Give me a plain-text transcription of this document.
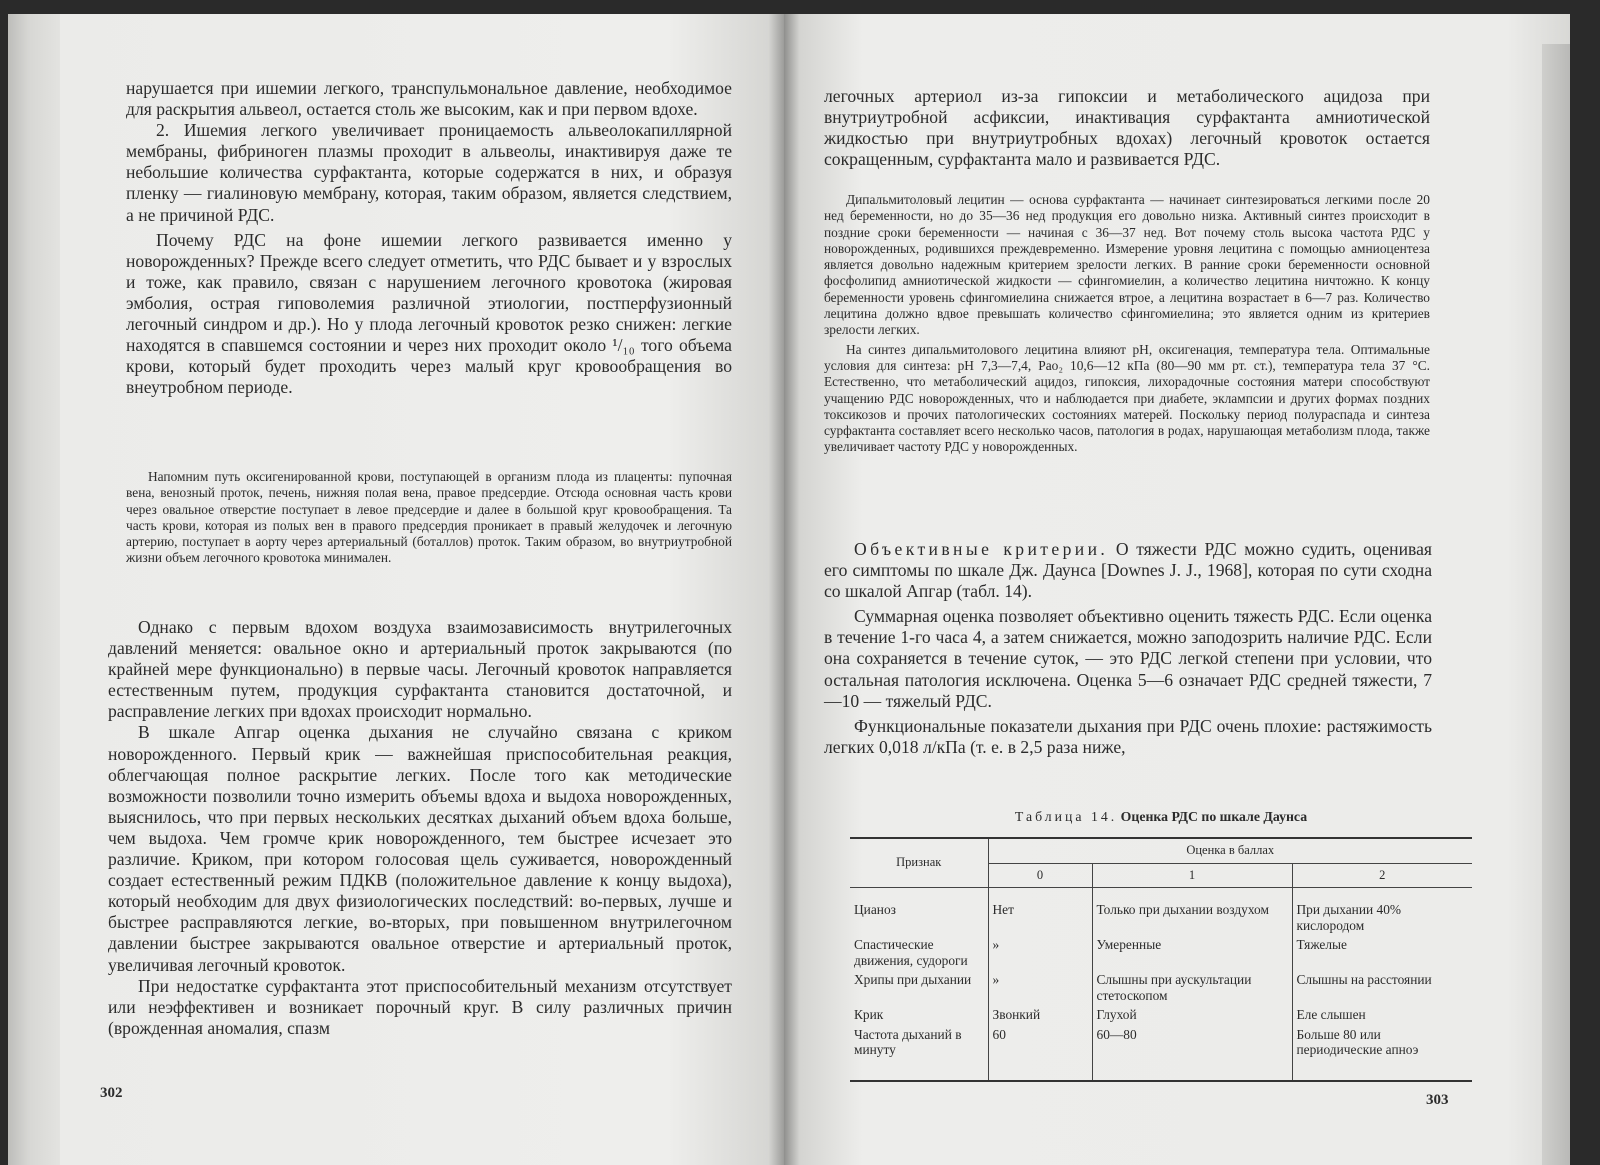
нарушается при ишемии легкого, транспульмональное давление, необходимое для раскрытия альвеол, остается столь же высоким, как и при первом вдохе.

2. Ишемия легкого увеличивает проницаемость альвеолокапиллярной мембраны, фибриноген плазмы проходит в альвеолы, инактивируя даже те небольшие количества сурфактанта, которые содержатся в них, и образуя пленку — гиалиновую мембрану, которая, таким образом, является следствием, а не причиной РДС.

Почему РДС на фоне ишемии легкого развивается именно у новорожденных? Прежде всего следует отметить, что РДС бывает и у взрослых и тоже, как правило, связан с нарушением легочного кровотока (жировая эмболия, острая гиповолемия различной этиологии, постперфузионный легочный синдром и др.). Но у плода легочный кровоток резко снижен: легкие находятся в спавшемся состоянии и через них проходит около ¹/₁₀ того объема крови, который будет проходить через малый круг кровообращения во внеутробном периоде.

Напомним путь оксигенированной крови, поступающей в организм плода из плаценты: пупочная вена, венозный проток, печень, нижняя полая вена, правое предсердие. Отсюда основная часть крови через овальное отверстие поступает в левое предсердие и далее в большой круг кровообращения. Та часть крови, которая из полых вен в правого предсердия проникает в правый желудочек и легочную артерию, поступает в аорту через артериальный (боталлов) проток. Таким образом, во внутриутробной жизни объем легочного кровотока минимален.

Однако с первым вдохом воздуха взаимозависимость внутрилегочных давлений меняется: овальное окно и артериальный проток закрываются (по крайней мере функционально) в первые часы. Легочный кровоток направляется естественным путем, продукция сурфактанта становится достаточной, и расправление легких при вдохах происходит нормально.

В шкале Апгар оценка дыхания не случайно связана с криком новорожденного. Первый крик — важнейшая приспособительная реакция, облегчающая полное раскрытие легких. После того как методические возможности позволили точно измерить объемы вдоха и выдоха новорожденных, выяснилось, что при первых нескольких десятках дыханий объем вдоха больше, чем выдоха. Чем громче крик новорожденного, тем быстрее исчезает это различие. Криком, при котором голосовая щель суживается, новорожденный создает естественный режим ПДКВ (положительное давление к концу выдоха), который необходим для двух физиологических последствий: во-первых, лучше и быстрее расправляются легкие, во-вторых, при повышенном внутрилегочном давлении быстрее закрываются овальное отверстие и артериальный проток, увеличивая легочный кровоток.

При недостатке сурфактанта этот приспособительный механизм отсутствует или неэффективен и возникает порочный круг. В силу различных причин (врожденная аномалия, спазм

302

легочных артериол из-за гипоксии и метаболического ацидоза при внутриутробной асфиксии, инактивация сурфактанта амниотической жидкостью при внутриутробных вдохах) легочный кровоток остается сокращенным, сурфактанта мало и развивается РДС.

Дипальмитоловый лецитин — основа сурфактанта — начинает синтезироваться легкими после 20 нед беременности, но до 35—36 нед продукция его довольно низка. Активный синтез происходит в поздние сроки беременности — начиная с 36—37 нед. Вот почему столь высока частота РДС у новорожденных, родившихся преждевременно. Измерение уровня лецитина с помощью амниоцентеза является довольно надежным критерием зрелости легких. В ранние сроки беременности основной фосфолипид амниотической жидкости — сфингомиелин, а количество лецитина ничтожно. К концу беременности уровень сфингомиелина снижается втрое, а лецитина возрастает в 6—7 раз. Количество лецитина должно вдвое превышать количество сфингомиелина; это является одним из критериев зрелости легких.

На синтез дипальмитолового лецитина влияют pH, оксигенация, температура тела. Оптимальные условия для синтеза: pH 7,3—7,4, Pao₂ 10,6—12 кПа (80—90 мм рт. ст.), температура тела 37 °С. Естественно, что метаболический ацидоз, гипоксия, лихорадочные состояния матери способствуют учащению РДС новорожденных, что и наблюдается при диабете, эклампсии и других формах поздних токсикозов и прочих патологических состояниях матерей. Поскольку период полураспада и синтеза сурфактанта составляет всего несколько часов, патология в родах, нарушающая метаболизм плода, также увеличивает частоту РДС у новорожденных.

Объективные критерии. О тяжести РДС можно судить, оценивая его симптомы по шкале Дж. Даунса [Downes J. J., 1968], которая по сути сходна со шкалой Апгар (табл. 14).

Суммарная оценка позволяет объективно оценить тяжесть РДС. Если оценка в течение 1-го часа 4, а затем снижается, можно заподозрить наличие РДС. Если она сохраняется в течение суток, — это РДС легкой степени при условии, что остальная патология исключена. Оценка 5—6 означает РДС средней тяжести, 7—10 — тяжелый РДС.

Функциональные показатели дыхания при РДС очень плохие: растяжимость легких 0,018 л/кПа (т. е. в 2,5 раза ниже,

Таблица 14. Оценка РДС по шкале Даунса
Признак	Оценка в баллах		
	0	1	2
Цианоз	Нет	Только при дыхании воздухом	При дыхании 40% кислородом
Спастические движения, судороги	»	Умеренные	Тяжелые
Хрипы при дыхании	»	Слышны при аускультации стетоскопом	Слышны на расстоянии
Крик	Звонкий	Глухой	Еле слышен
Частота дыханий в минуту	60	60—80	Больше 80 или периодические апноэ
303
